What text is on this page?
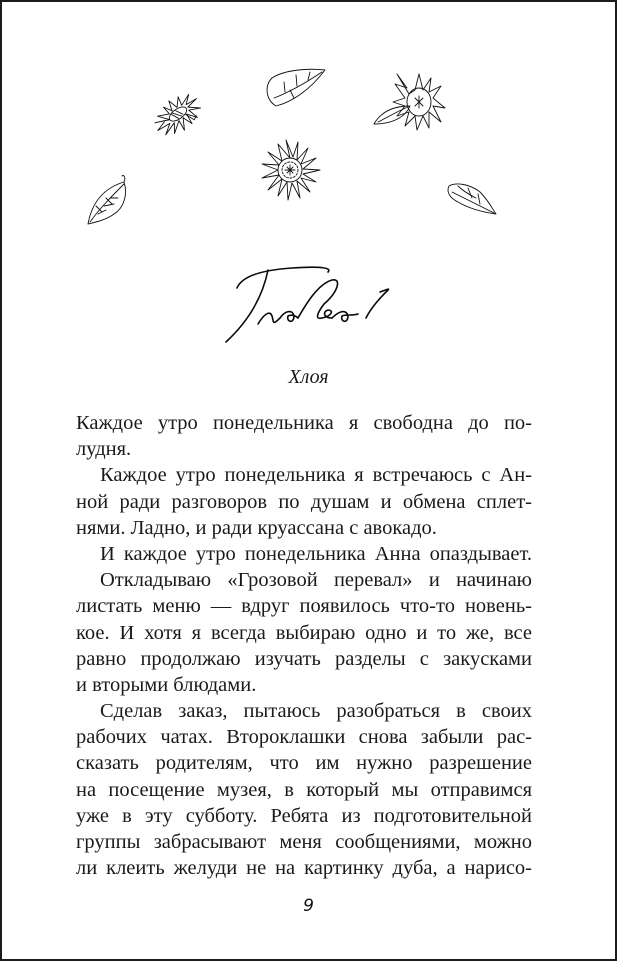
Хлоя
Каждое утро понедельника я свободна до по-
лудня.
Каждое утро понедельника я встречаюсь с Ан-
ной ради разговоров по душам и обмена сплет-
нями. Ладно, и ради круассана с авокадо.
И каждое утро понедельника Анна опаздывает.
Откладываю «Грозовой перевал» и начинаю
листать меню — вдруг появилось что-то новень-
кое. И хотя я всегда выбираю одно и то же, все
равно продолжаю изучать разделы с закусками
и вторыми блюдами.
Сделав заказ, пытаюсь разобраться в своих
рабочих чатах. Второклашки снова забыли рас-
сказать родителям, что им нужно разрешение
на посещение музея, в который мы отправимся
уже в эту субботу. Ребята из подготовительной
группы забрасывают меня сообщениями, можно
ли клеить желуди не на картинку дуба, а нарисо-
9
